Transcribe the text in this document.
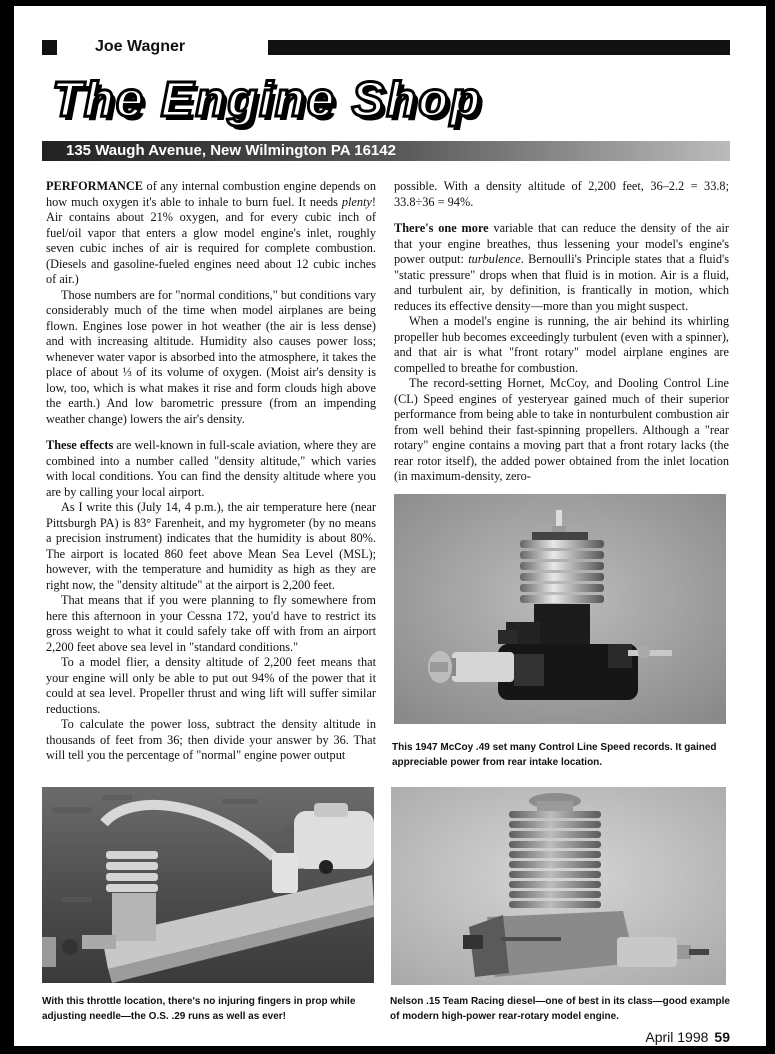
Joe Wagner
The Engine Shop
135 Waugh Avenue, New Wilmington PA 16142

PERFORMANCE of any internal combustion engine depends on how much oxygen it's able to inhale to burn fuel. It needs plenty! Air contains about 21% oxygen, and for every cubic inch of fuel/oil vapor that enters a glow model engine's inlet, roughly seven cubic inches of air is required for complete combustion. (Diesels and gasoline-fueled engines need about 12 cubic inches of air.)

Those numbers are for "normal conditions," but conditions vary considerably much of the time when model airplanes are being flown. Engines lose power in hot weather (the air is less dense) and with increasing altitude. Humidity also causes power loss; whenever water vapor is absorbed into the atmosphere, it takes the place of about ⅓ of its volume of oxygen. (Moist air's density is low, too, which is what makes it rise and form clouds high above the earth.) And low barometric pressure (from an impending weather change) lowers the air's density.

These effects are well-known in full-scale aviation, where they are combined into a number called "density altitude," which varies with local conditions. You can find the density altitude where you are by calling your local airport.

As I write this (July 14, 4 p.m.), the air temperature here (near Pittsburgh PA) is 83° Farenheit, and my hygrometer (by no means a precision instrument) indicates that the humidity is about 80%. The airport is located 860 feet above Mean Sea Level (MSL); however, with the temperature and humidity as high as they are right now, the "density altitude" at the airport is 2,200 feet.

That means that if you were planning to fly somewhere from here this afternoon in your Cessna 172, you'd have to restrict its gross weight to what it could safely take off with from an airport 2,200 feet above sea level in "standard conditions."

To a model flier, a density altitude of 2,200 feet means that your engine will only be able to put out 94% of the power that it could at sea level. Propeller thrust and wing lift will suffer similar reductions.

To calculate the power loss, subtract the density altitude in thousands of feet from 36; then divide your answer by 36. That will tell you the percentage of "normal" engine power output

possible. With a density altitude of 2,200 feet, 36–2.2 = 33.8; 33.8÷36 = 94%.

There's one more variable that can reduce the density of the air that your engine breathes, thus lessening your model's engine's power output: turbulence. Bernoulli's Principle states that a fluid's "static pressure" drops when that fluid is in motion. Air is a fluid, and turbulent air, by definition, is frantically in motion, which reduces its effective density—more than you might suspect.

When a model's engine is running, the air behind its whirling propeller hub becomes exceedingly turbulent (even with a spinner), and that air is what "front rotary" model airplane engines are compelled to breathe for combustion.

The record-setting Hornet, McCoy, and Dooling Control Line (CL) Speed engines of yesteryear gained much of their superior performance from being able to take in nonturbulent combustion air from well behind their fast-spinning propellers. Although a "rear rotary" engine contains a moving part that a front rotary lacks (the rear rotor itself), the added power obtained from the inlet location (in maximum-density, zero-

This 1947 McCoy .49 set many Control Line Speed records. It gained appreciable power from rear intake location.
With this throttle location, there's no injuring fingers in prop while adjusting needle—the O.S. .29 runs as well as ever!
Nelson .15 Team Racing diesel—one of best in its class—good example of modern high-power rear-rotary model engine.
April 1998 59
